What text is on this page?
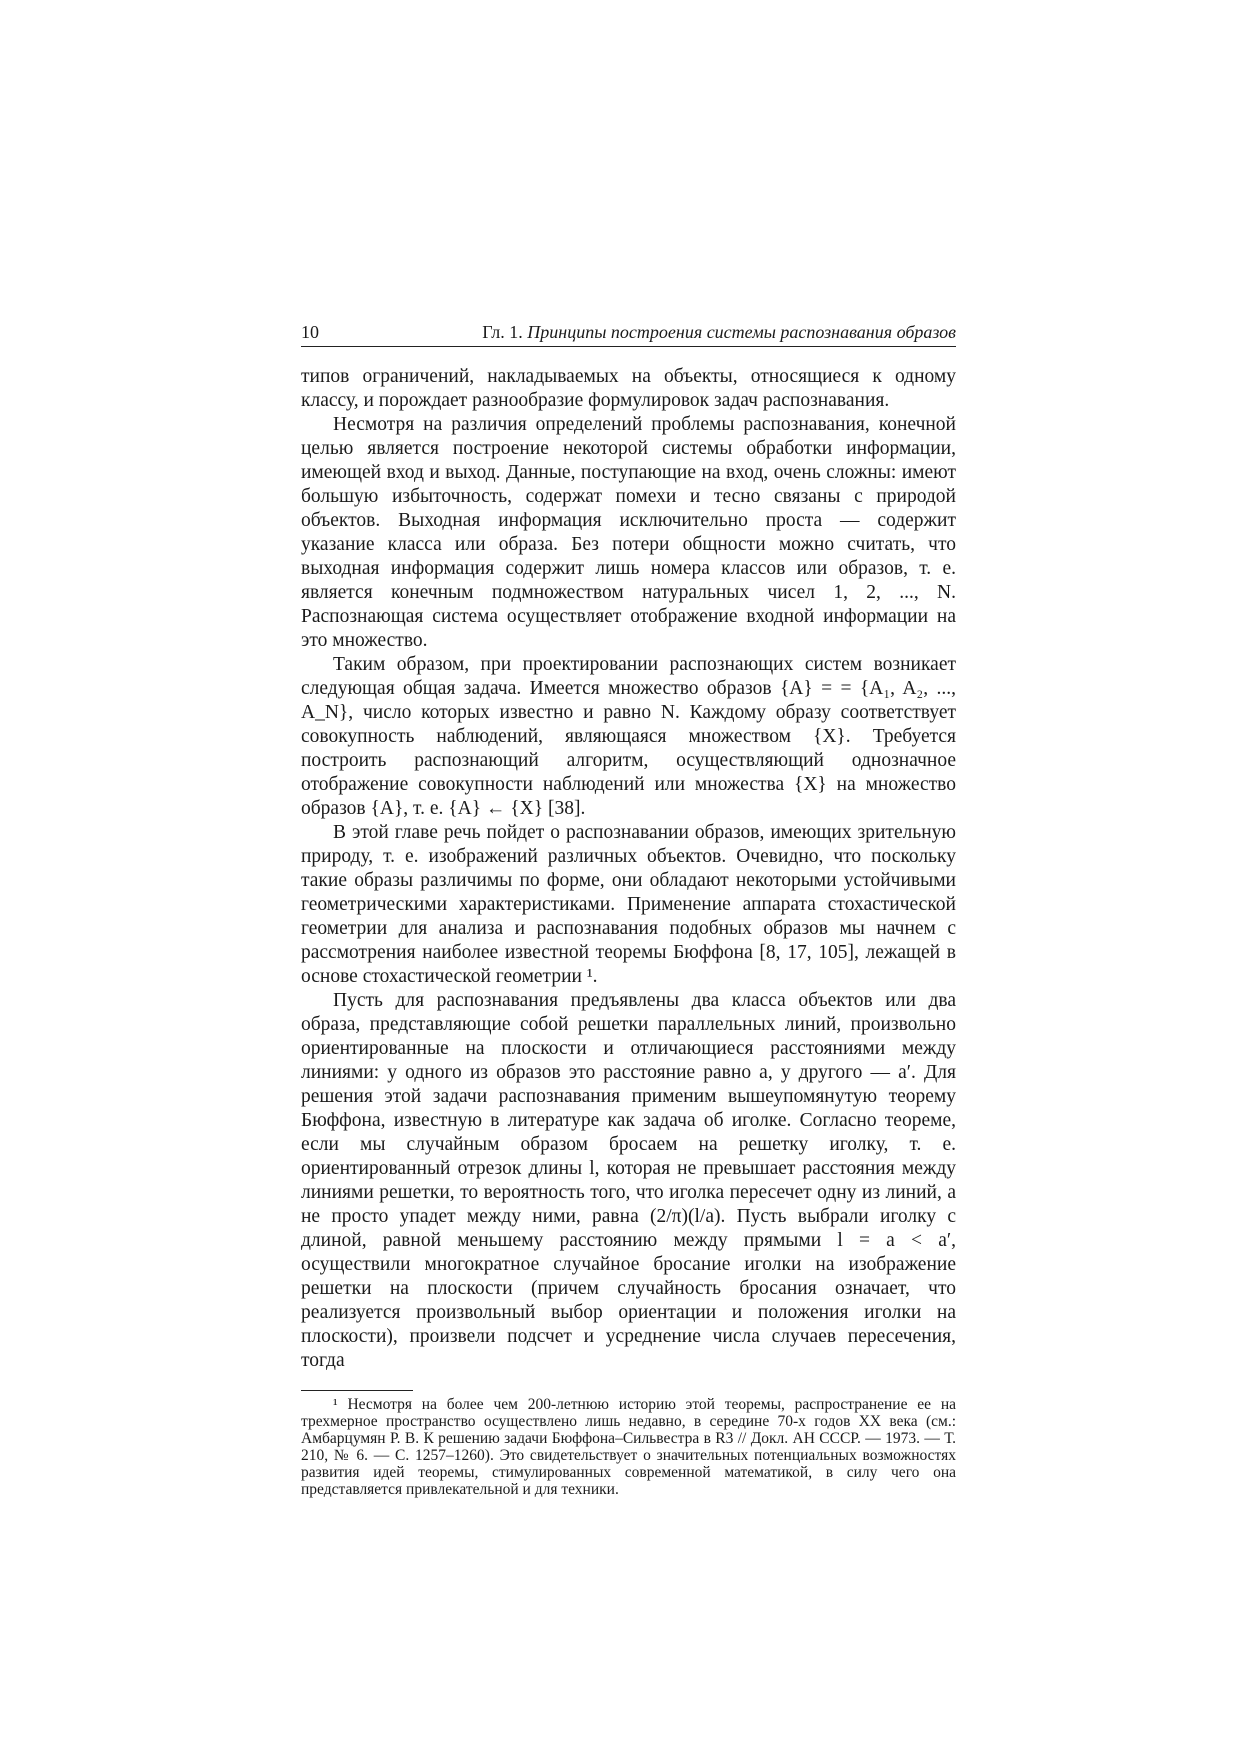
10	Гл. 1. Принципы построения системы распознавания образов

типов ограничений, накладываемых на объекты, относящиеся к одному классу, и порождает разнообразие формулировок задач распознавания.

Несмотря на различия определений проблемы распознавания, конечной целью является построение некоторой системы обработки информации, имеющей вход и выход. Данные, поступающие на вход, очень сложны: имеют большую избыточность, содержат помехи и тесно связаны с природой объектов. Выходная информация исключительно проста — содержит указание класса или образа. Без потери общности можно считать, что выходная информация содержит лишь номера классов или образов, т. е. является конечным подмножеством натуральных чисел 1, 2, ..., N. Распознающая система осуществляет отображение входной информации на это множество.

Таким образом, при проектировании распознающих систем возникает следующая общая задача. Имеется множество образов {A} = = {A₁, A₂, ..., A_N}, число которых известно и равно N. Каждому образу соответствует совокупность наблюдений, являющаяся множеством {X}. Требуется построить распознающий алгоритм, осуществляющий однозначное отображение совокупности наблюдений или множества {X} на множество образов {A}, т. е. {A} ← {X} [38].

В этой главе речь пойдет о распознавании образов, имеющих зрительную природу, т. е. изображений различных объектов. Очевидно, что поскольку такие образы различимы по форме, они обладают некоторыми устойчивыми геометрическими характеристиками. Применение аппарата стохастической геометрии для анализа и распознавания подобных образов мы начнем с рассмотрения наиболее известной теоремы Бюффона [8, 17, 105], лежащей в основе стохастической геометрии ¹.

Пусть для распознавания предъявлены два класса объектов или два образа, представляющие собой решетки параллельных линий, произвольно ориентированные на плоскости и отличающиеся расстояниями между линиями: у одного из образов это расстояние равно a, у другого — a′. Для решения этой задачи распознавания применим вышеупомянутую теорему Бюффона, известную в литературе как задача об иголке. Согласно теореме, если мы случайным образом бросаем на решетку иголку, т. е. ориентированный отрезок длины l, которая не превышает расстояния между линиями решетки, то вероятность того, что иголка пересечет одну из линий, а не просто упадет между ними, равна (2/π)(l/a). Пусть выбрали иголку с длиной, равной меньшему расстоянию между прямыми l = a < a′, осуществили многократное случайное бросание иголки на изображение решетки на плоскости (причем случайность бросания означает, что реализуется произвольный выбор ориентации и положения иголки на плоскости), произвели подсчет и усреднение числа случаев пересечения, тогда

¹ Несмотря на более чем 200-летнюю историю этой теоремы, распространение ее на трехмерное пространство осуществлено лишь недавно, в середине 70-х годов XX века (см.: Амбарцумян Р. В. К решению задачи Бюффона–Сильвестра в R3 // Докл. АН СССР. — 1973. — Т. 210, № 6. — С. 1257–1260). Это свидетельствует о значительных потенциальных возможностях развития идей теоремы, стимулированных современной математикой, в силу чего она представляется привлекательной и для техники.
